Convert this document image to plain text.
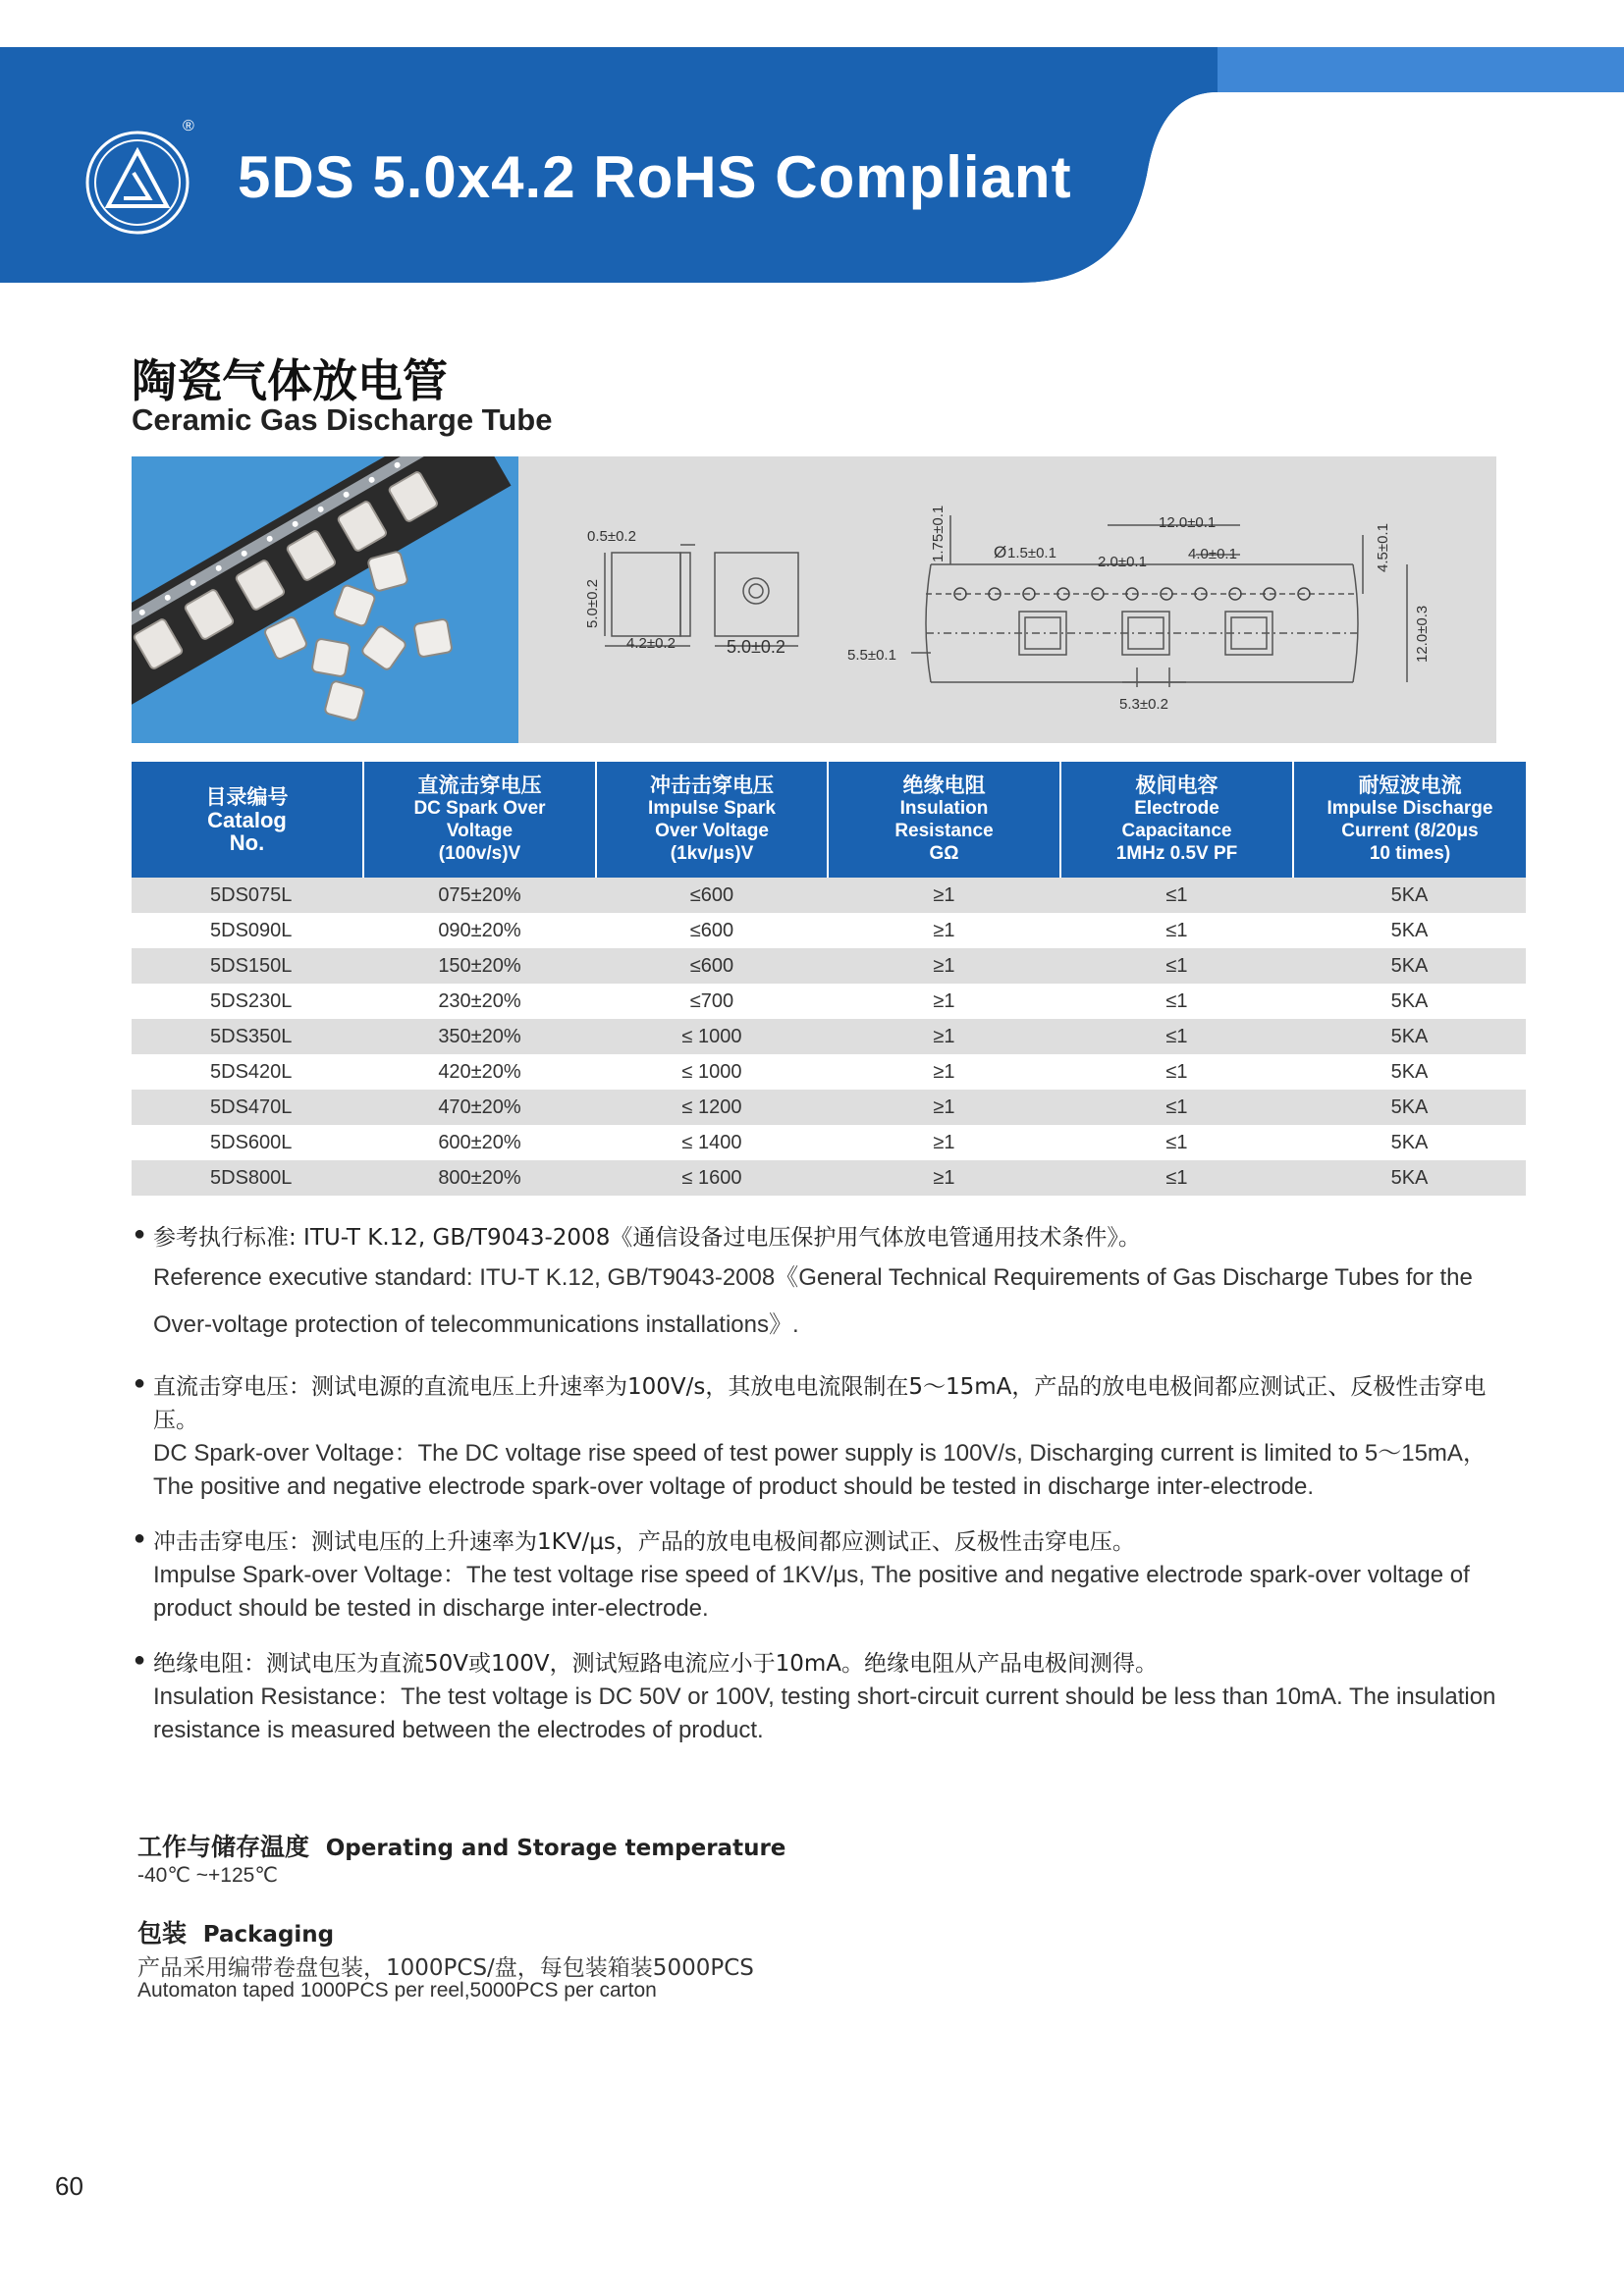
®
5DS 5.0x4.2 RoHS Compliant
陶瓷气体放电管
Ceramic Gas Discharge Tube
0.5±0.2
5.0±0.2
4.2±0.2	5.0±0.2	5.5±0.1
1.75±0.1	Ø 1.5±0.1
12.0±0.1
4.0±0.1
2.0±0.1	4.5±0.1
12.0±0.3
5.3±0.2
目录编号
Catalog
No.	直流击穿电压
DC Spark Over
Voltage
(100v/s)V	冲击击穿电压
Impulse Spark
Over Voltage
(1kv/μs)V	绝缘电阻
Insulation
Resistance
GΩ	极间电容
Electrode
Capacitance
1MHz 0.5V PF	耐短波电流
Impulse Discharge
Current (8/20μs
10 times)

5DS075L	075±20%	≤600	≥1	≤1	5KA
5DS090L	090±20%	≤600	≥1	≤1	5KA
5DS150L	150±20%	≤600	≥1	≤1	5KA
5DS230L	230±20%	≤700	≥1	≤1	5KA
5DS350L	350±20%	≤ 1000	≥1	≤1	5KA
5DS420L	420±20%	≤ 1000	≥1	≤1	5KA
5DS470L	470±20%	≤ 1200	≥1	≤1	5KA
5DS600L	600±20%	≤ 1400	≥1	≤1	5KA
5DS800L	800±20%	≤ 1600	≥1	≤1	5KA
● 参考执行标准: ITU-T K.12, GB/T9043-2008《通信设备过电压保护用气体放电管通用技术条件》。
Reference executive standard: ITU-T K.12, GB/T9043-2008《General Technical Requirements of Gas Discharge Tubes for the Over-voltage protection of telecommunications installations》.
● 直流击穿电压：测试电源的直流电压上升速率为100V/s，其放电电流限制在5～15mA，产品的放电电极间都应测试正、反极性击穿电压。
DC Spark-over Voltage：The DC voltage rise speed of test power supply is 100V/s, Discharging current is limited to 5～15mA，The positive and negative electrode spark-over voltage of product should be tested in discharge inter-electrode.
● 冲击击穿电压：测试电压的上升速率为1KV/μs，产品的放电电极间都应测试正、反极性击穿电压。
Impulse Spark-over Voltage：The test voltage rise speed of 1KV/μs, The positive and negative electrode spark-over voltage of product should be tested in discharge inter-electrode.
● 绝缘电阻：测试电压为直流50V或100V，测试短路电流应小于10mA。绝缘电阻从产品电极间测得。
Insulation Resistance：The test voltage is DC 50V or 100V, testing short-circuit current should be less than 10mA. The insulation resistance is measured between the electrodes of product.
工作与储存温度 Operating and Storage temperature
-40℃ ~+125℃
包装 Packaging
产品采用编带卷盘包装，1000PCS/盘，每包装箱装5000PCS
Automaton taped 1000PCS per reel,5000PCS per carton
60
